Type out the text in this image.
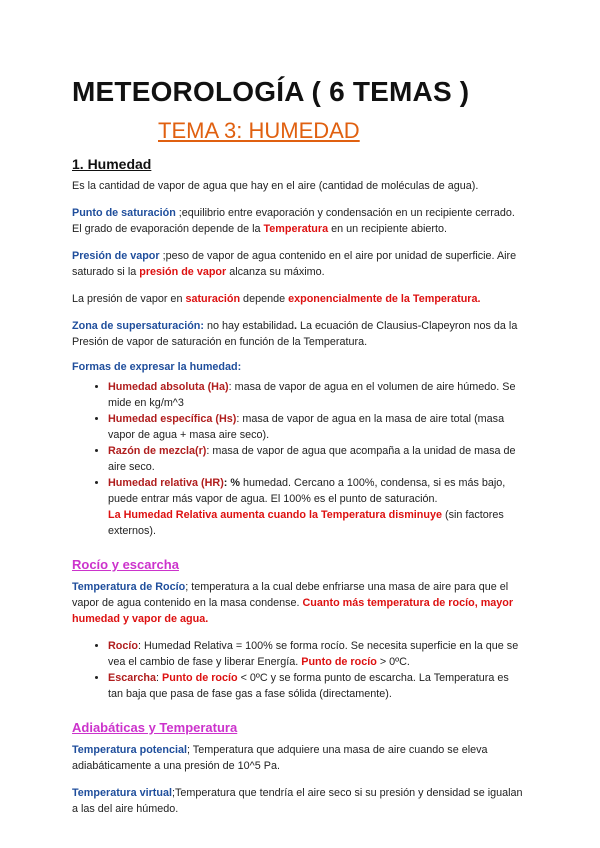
METEOROLOGÍA ( 6 TEMAS )
TEMA 3: HUMEDAD
1. Humedad

Es la cantidad de vapor de agua que hay en el aire (cantidad de moléculas de agua).

Punto de saturación ;equilibrio entre evaporación y condensación en un recipiente cerrado. El grado de evaporación depende de la Temperatura en un recipiente abierto.

Presión de vapor ;peso de vapor de agua contenido en el aire por unidad de superficie. Aire saturado si la presión de vapor alcanza su máximo.

La presión de vapor en saturación depende exponencialmente de la Temperatura.

Zona de supersaturación: no hay estabilidad. La ecuación de Clausius-Clapeyron nos da la Presión de vapor de saturación en función de la Temperatura.

Formas de expresar la humedad:
• Humedad absoluta (Ha): masa de vapor de agua en el volumen de aire húmedo. Se mide en kg/m^3
• Humedad específica (Hs): masa de vapor de agua en la masa de aire total (masa vapor de agua + masa aire seco).
• Razón de mezcla(r): masa de vapor de agua que acompaña a la unidad de masa de aire seco.
• Humedad relativa (HR): % humedad. Cercano a 100%, condensa, si es más bajo, puede entrar más vapor de agua. El 100% es el punto de saturación.
La Humedad Relativa aumenta cuando la Temperatura disminuye (sin factores externos).
Rocío y escarcha

Temperatura de Rocío; temperatura a la cual debe enfriarse una masa de aire para que el vapor de agua contenido en la masa condense. Cuanto más temperatura de rocío, mayor humedad y vapor de agua.

• Rocío: Humedad Relativa = 100% se forma rocío. Se necesita superficie en la que se vea el cambio de fase y liberar Energía. Punto de rocío > 0ºC.
• Escarcha: Punto de rocío < 0ºC y se forma punto de escarcha. La Temperatura es tan baja que pasa de fase gas a fase sólida (directamente).
Adiabáticas y Temperatura

Temperatura potencial; Temperatura que adquiere una masa de aire cuando se eleva adiabáticamente a una presión de 10^5 Pa.

Temperatura virtual;Temperatura que tendría el aire seco si su presión y densidad se igualan a las del aire húmedo.
